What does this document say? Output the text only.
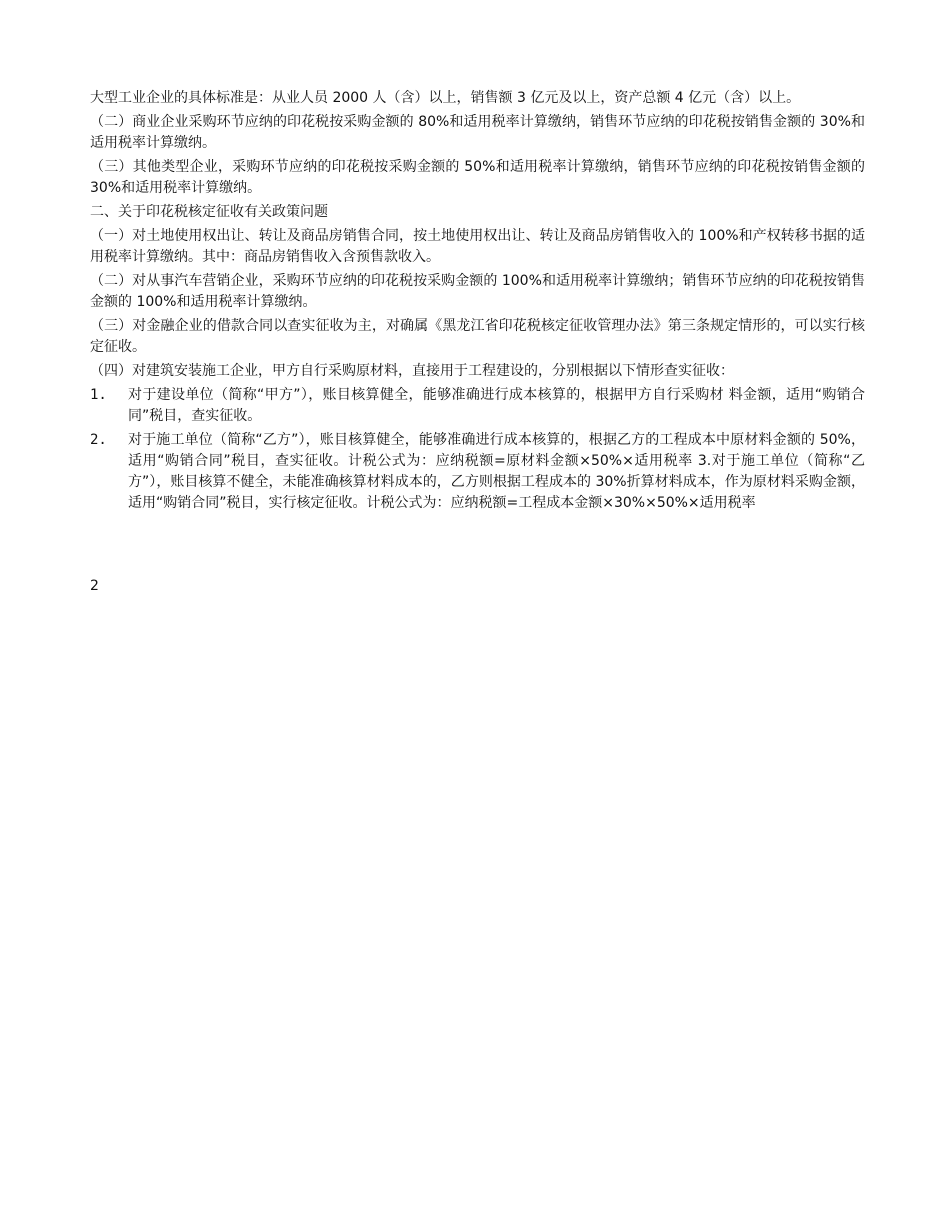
大型工业企业的具体标准是：从业人员 2000 人（含）以上，销售额 3 亿元及以上，资产总额 4 亿元（含）以上。

（二）商业企业采购环节应纳的印花税按采购金额的 80%和适用税率计算缴纳，销售环节应纳的印花税按销售金额的 30%和适用税率计算缴纳。

（三）其他类型企业，采购环节应纳的印花税按采购金额的 50%和适用税率计算缴纳，销售环节应纳的印花税按销售金额的 30%和适用税率计算缴纳。

二、关于印花税核定征收有关政策问题

（一）对土地使用权出让、转让及商品房销售合同，按土地使用权出让、转让及商品房销售收入的 100%和产权转移书据的适用税率计算缴纳。其中：商品房销售收入含预售款收入。

（二）对从事汽车营销企业，采购环节应纳的印花税按采购金额的 100%和适用税率计算缴纳；销售环节应纳的印花税按销售金额的 100%和适用税率计算缴纳。

（三）对金融企业的借款合同以查实征收为主，对确属《黑龙江省印花税核定征收管理办法》第三条规定情形的，可以实行核定征收。

（四）对建筑安装施工企业，甲方自行采购原材料，直接用于工程建设的，分别根据以下情形查实征收：

1. 对于建设单位（简称“甲方”），账目核算健全，能够准确进行成本核算的，根据甲方自行采购材 料金额，适用“购销合同”税目，查实征收。
2. 对于施工单位（简称“乙方”），账目核算健全，能够准确进行成本核算的，根据乙方的工程成本中原材料金额的 50%，适用“购销合同”税目，查实征收。计税公式为：应纳税额=原材料金额×50%×适用税率 3.对于施工单位（简称“乙方”），账目核算不健全，未能准确核算材料成本的，乙方则根据工程成本的 30%折算材料成本，作为原材料采购金额，适用“购销合同”税目，实行核定征收。计税公式为：应纳税额=工程成本金额×30%×50%×适用税率
2
